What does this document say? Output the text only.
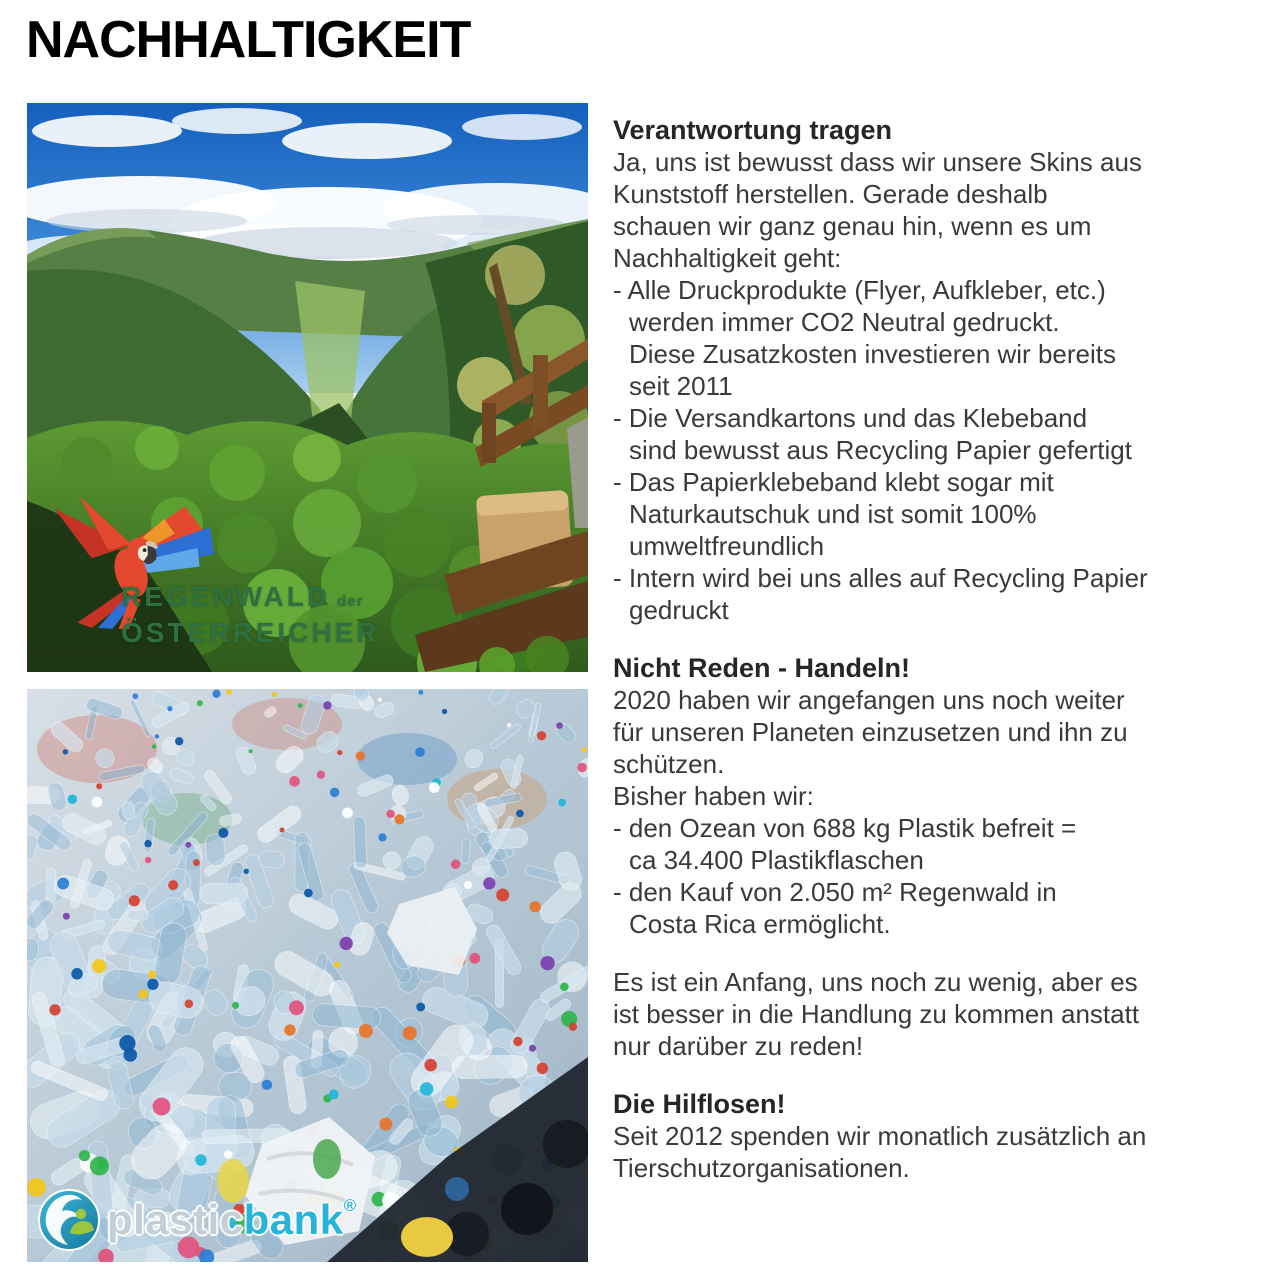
NACHHALTIGKEIT
REGENWALD der
ÖSTERREICHER
plasticbank®
Verantwortung tragen
Ja, uns ist bewusst dass wir unsere Skins aus
Kunststoff herstellen. Gerade deshalb
schauen wir ganz genau hin, wenn es um
Nachhaltigkeit geht:
- Alle Druckprodukte (Flyer, Aufkleber, etc.)
werden immer CO2 Neutral gedruckt.
Diese Zusatzkosten investieren wir bereits
seit 2011
- Die Versandkartons und das Klebeband
sind bewusst aus Recycling Papier gefertigt
- Das Papierklebeband klebt sogar mit
Naturkautschuk und ist somit 100%
umweltfreundlich
- Intern wird bei uns alles auf Recycling Papier
gedruckt
Nicht Reden - Handeln!
2020 haben wir angefangen uns noch weiter
für unseren Planeten einzusetzen und ihn zu
schützen.
Bisher haben wir:
- den Ozean von 688 kg Plastik befreit =
ca 34.400 Plastikflaschen
- den Kauf von 2.050 m² Regenwald in
Costa Rica ermöglicht.
Es ist ein Anfang, uns noch zu wenig, aber es
ist besser in die Handlung zu kommen anstatt
nur darüber zu reden!
Die Hilflosen!
Seit 2012 spenden wir monatlich zusätzlich an
Tierschutzorganisationen.
